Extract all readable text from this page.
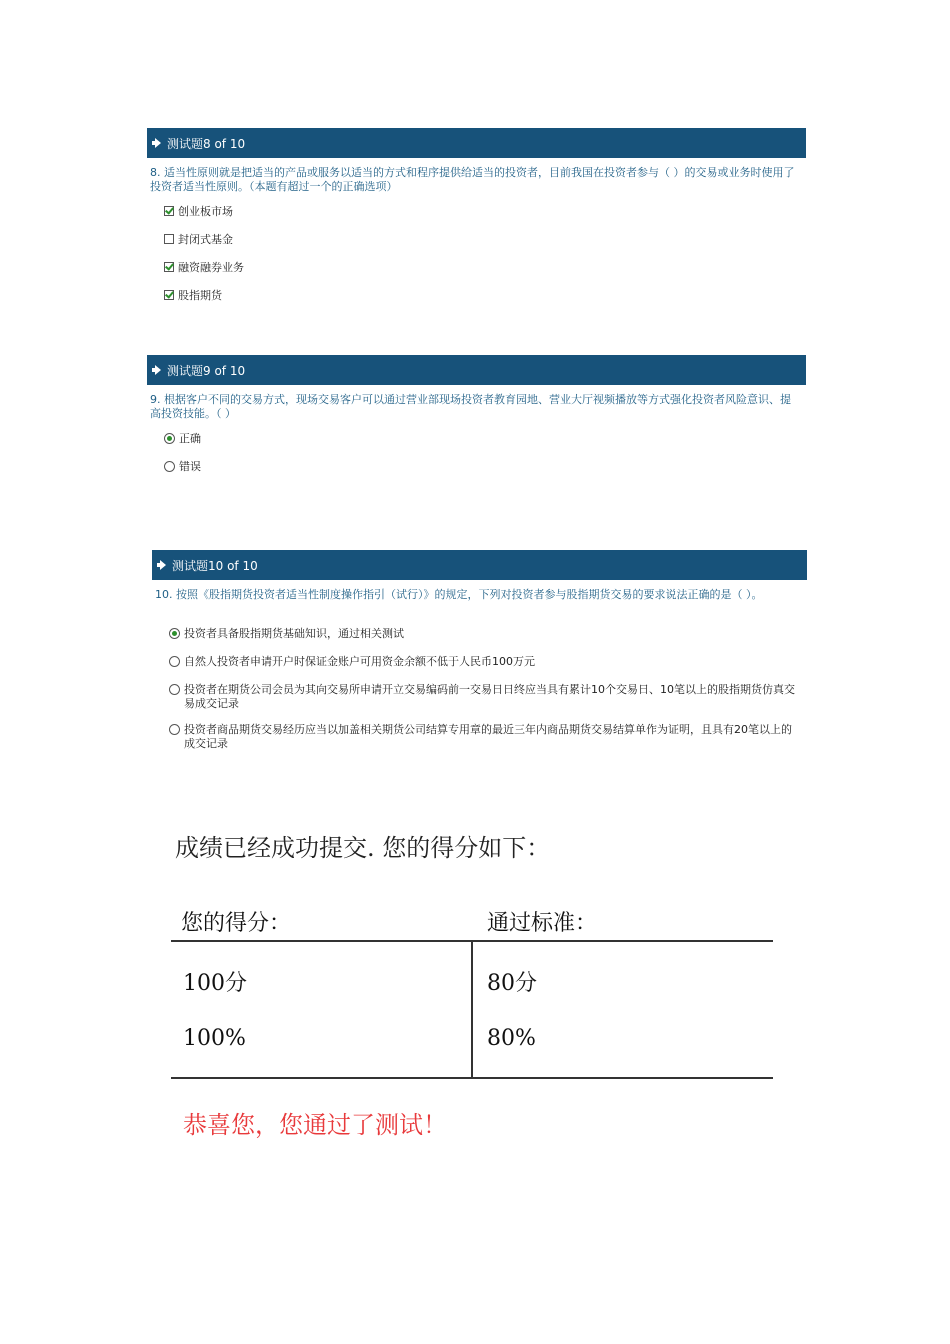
测试题8 of 10
8. 适当性原则就是把适当的产品或服务以适当的方式和程序提供给适当的投资者，目前我国在投资者参与（ ）的交易或业务时使用了投资者适当性原则。（本题有超过一个的正确选项）
创业板市场
封闭式基金
融资融券业务
股指期货
测试题9 of 10
9. 根据客户不同的交易方式，现场交易客户可以通过营业部现场投资者教育园地、营业大厅视频播放等方式强化投资者风险意识、提高投资技能。（ ）
正确
错误
测试题10 of 10
10. 按照《股指期货投资者适当性制度操作指引（试行）》的规定，下列对投资者参与股指期货交易的要求说法正确的是（ ）。
投资者具备股指期货基础知识，通过相关测试
自然人投资者申请开户时保证金账户可用资金余额不低于人民币100万元
投资者在期货公司会员为其向交易所申请开立交易编码前一交易日日终应当具有累计10个交易日、10笔以上的股指期货仿真交易成交记录
投资者商品期货交易经历应当以加盖相关期货公司结算专用章的最近三年内商品期货交易结算单作为证明，且具有20笔以上的成交记录
成绩已经成功提交. 您的得分如下：
您的得分：	通过标准：
100分	80分
100%	80%
恭喜您，您通过了测试！
